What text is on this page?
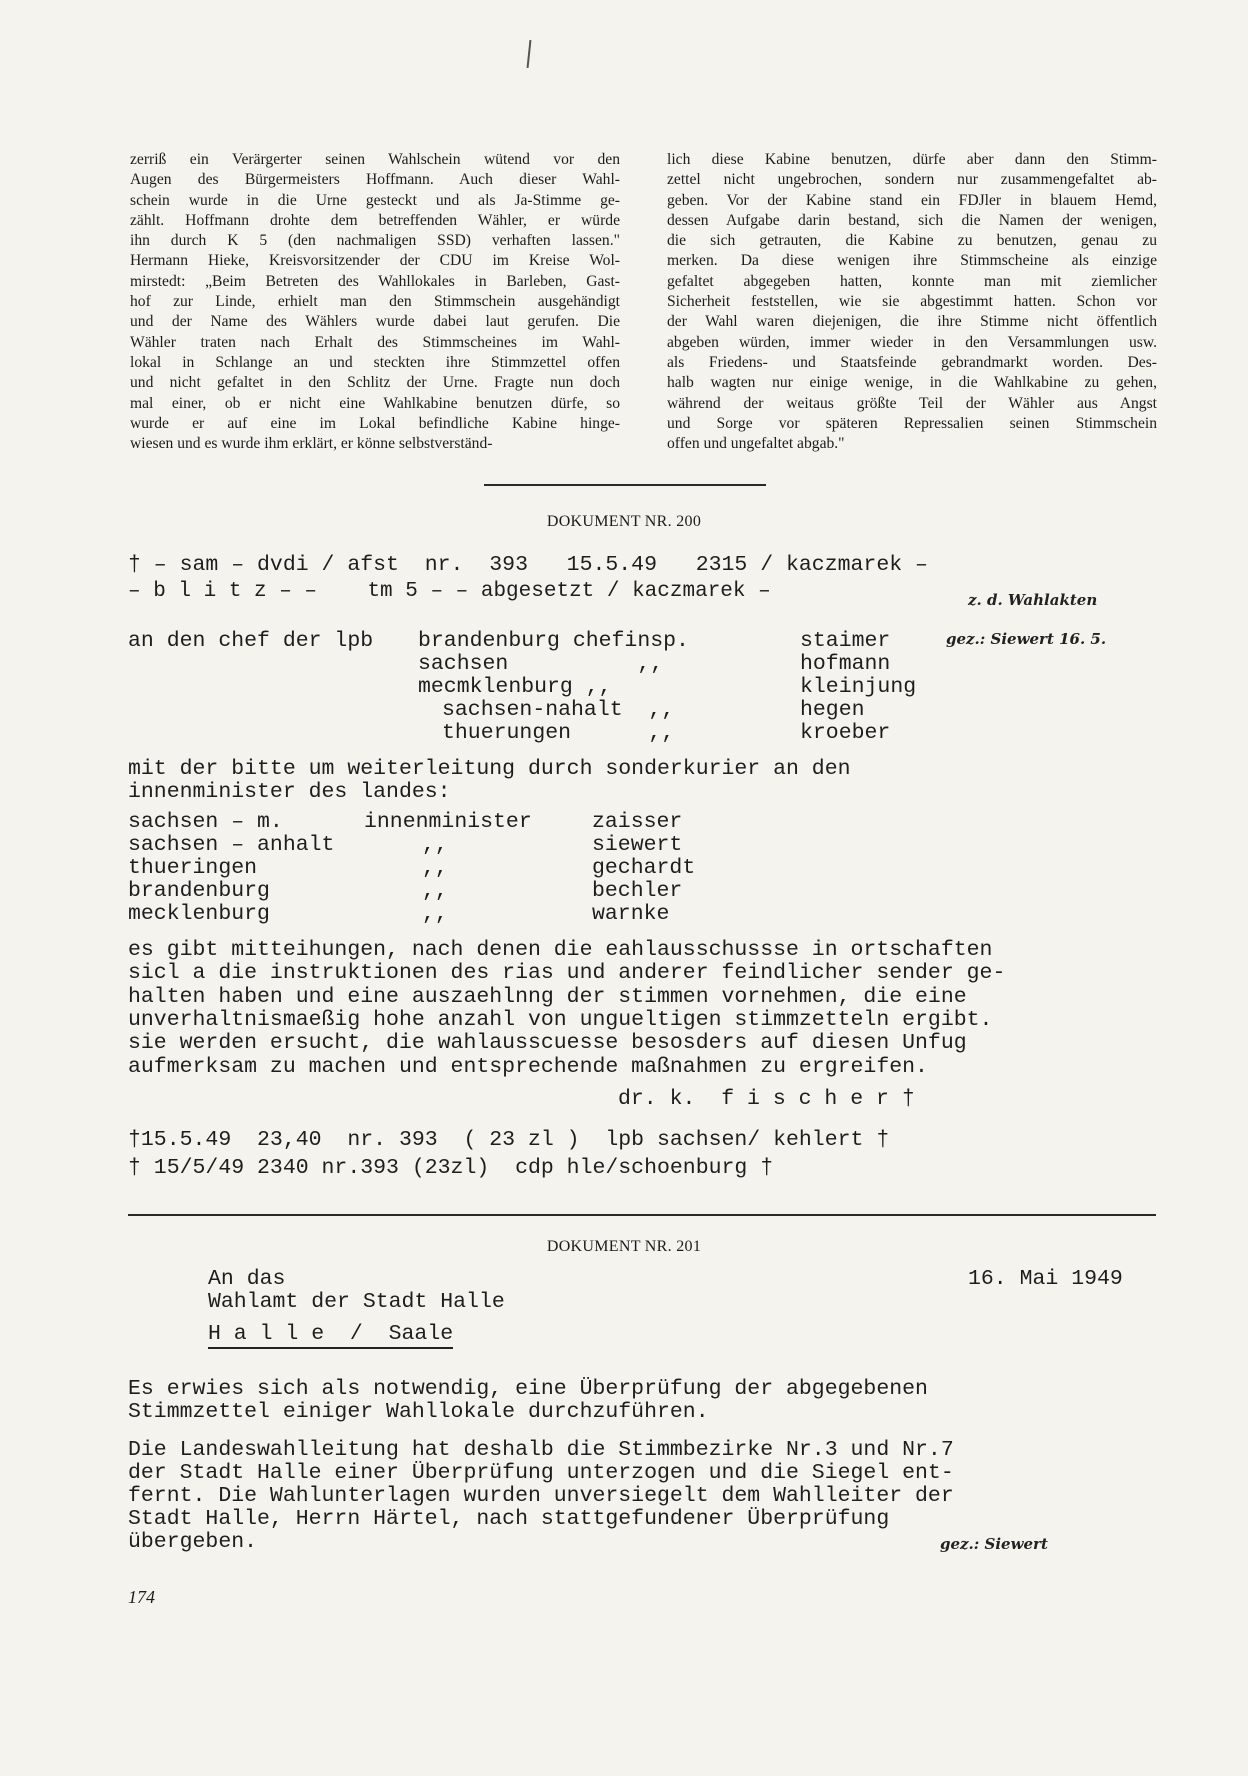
zerriß ein Verärgerter seinen Wahlschein wütend vor den
Augen des Bürgermeisters Hoffmann. Auch dieser Wahl-
schein wurde in die Urne gesteckt und als Ja-Stimme ge-
zählt. Hoffmann drohte dem betreffenden Wähler, er würde
ihn durch K 5 (den nachmaligen SSD) verhaften lassen."
Hermann Hieke, Kreisvorsitzender der CDU im Kreise Wol-
mirstedt: „Beim Betreten des Wahllokales in Barleben, Gast-
hof zur Linde, erhielt man den Stimmschein ausgehändigt
und der Name des Wählers wurde dabei laut gerufen. Die
Wähler traten nach Erhalt des Stimmscheines im Wahl-
lokal in Schlange an und steckten ihre Stimmzettel offen
und nicht gefaltet in den Schlitz der Urne. Fragte nun doch
mal einer, ob er nicht eine Wahlkabine benutzen dürfe, so
wurde er auf eine im Lokal befindliche Kabine hinge-
wiesen und es wurde ihm erklärt, er könne selbstverständ-
lich diese Kabine benutzen, dürfe aber dann den Stimm-
zettel nicht ungebrochen, sondern nur zusammengefaltet ab-
geben. Vor der Kabine stand ein FDJler in blauem Hemd,
dessen Aufgabe darin bestand, sich die Namen der wenigen,
die sich getrauten, die Kabine zu benutzen, genau zu
merken. Da diese wenigen ihre Stimmscheine als einzige
gefaltet abgegeben hatten, konnte man mit ziemlicher
Sicherheit feststellen, wie sie abgestimmt hatten. Schon vor
der Wahl waren diejenigen, die ihre Stimme nicht öffentlich
abgeben würden, immer wieder in den Versammlungen usw.
als Friedens- und Staatsfeinde gebrandmarkt worden. Des-
halb wagten nur einige wenige, in die Wahlkabine zu gehen,
während der weitaus größte Teil der Wähler aus Angst
und Sorge vor späteren Repressalien seinen Stimmschein
offen und ungefaltet abgab."
DOKUMENT NR. 200
† – sam – dvdi / afst  nr.  393   15.5.49   2315 / kaczmarek –
– b l i t z – –    tm 5 – – abgesetzt / kaczmarek –	z. d. Wahlakten
an den chef der lpb	gez.: Siewert 16. 5.
brandenburg chefinsp.	staimer
sachsen          ,,	hofmann
mecmklenburg ,,	kleinjung
sachsen-nahalt  ,,	hegen
thuerungen      ,,	kroeber
mit der bitte um weiterleitung durch sonderkurier an den
innenminister des landes:
sachsen – m.	innenminister	zaisser
sachsen – anhalt	,,	siewert
thueringen	,,	gechardt
brandenburg	,,	bechler
mecklenburg	,,	warnke
es gibt mitteihungen, nach denen die eahlausschussse in ortschaften
sicl a die instruktionen des rias und anderer feindlicher sender ge-
halten haben und eine auszaehlnng der stimmen vornehmen, die eine
unverhaltnismaeßig hohe anzahl von ungueltigen stimmzetteln ergibt.
sie werden ersucht, die wahlausscuesse besosders auf diesen Unfug
aufmerksam zu machen und entsprechende maßnahmen zu ergreifen.
dr. k.  f i s c h e r †
†15.5.49  23,40  nr. 393  ( 23 zl )  lpb sachsen/ kehlert †
† 15/5/49 2340 nr.393 (23zl)  cdp hle/schoenburg †
DOKUMENT NR. 201
An das
Wahlamt der Stadt Halle
H a l l e  /  Saale
16. Mai 1949
Es erwies sich als notwendig, eine Überprüfung der abgegebenen
Stimmzettel einiger Wahllokale durchzuführen.
Die Landeswahlleitung hat deshalb die Stimmbezirke Nr.3 und Nr.7
der Stadt Halle einer Überprüfung unterzogen und die Siegel ent-
fernt. Die Wahlunterlagen wurden unversiegelt dem Wahlleiter der
Stadt Halle, Herrn Härtel, nach stattgefundener Überprüfung
übergeben.	gez.: Siewert
174
